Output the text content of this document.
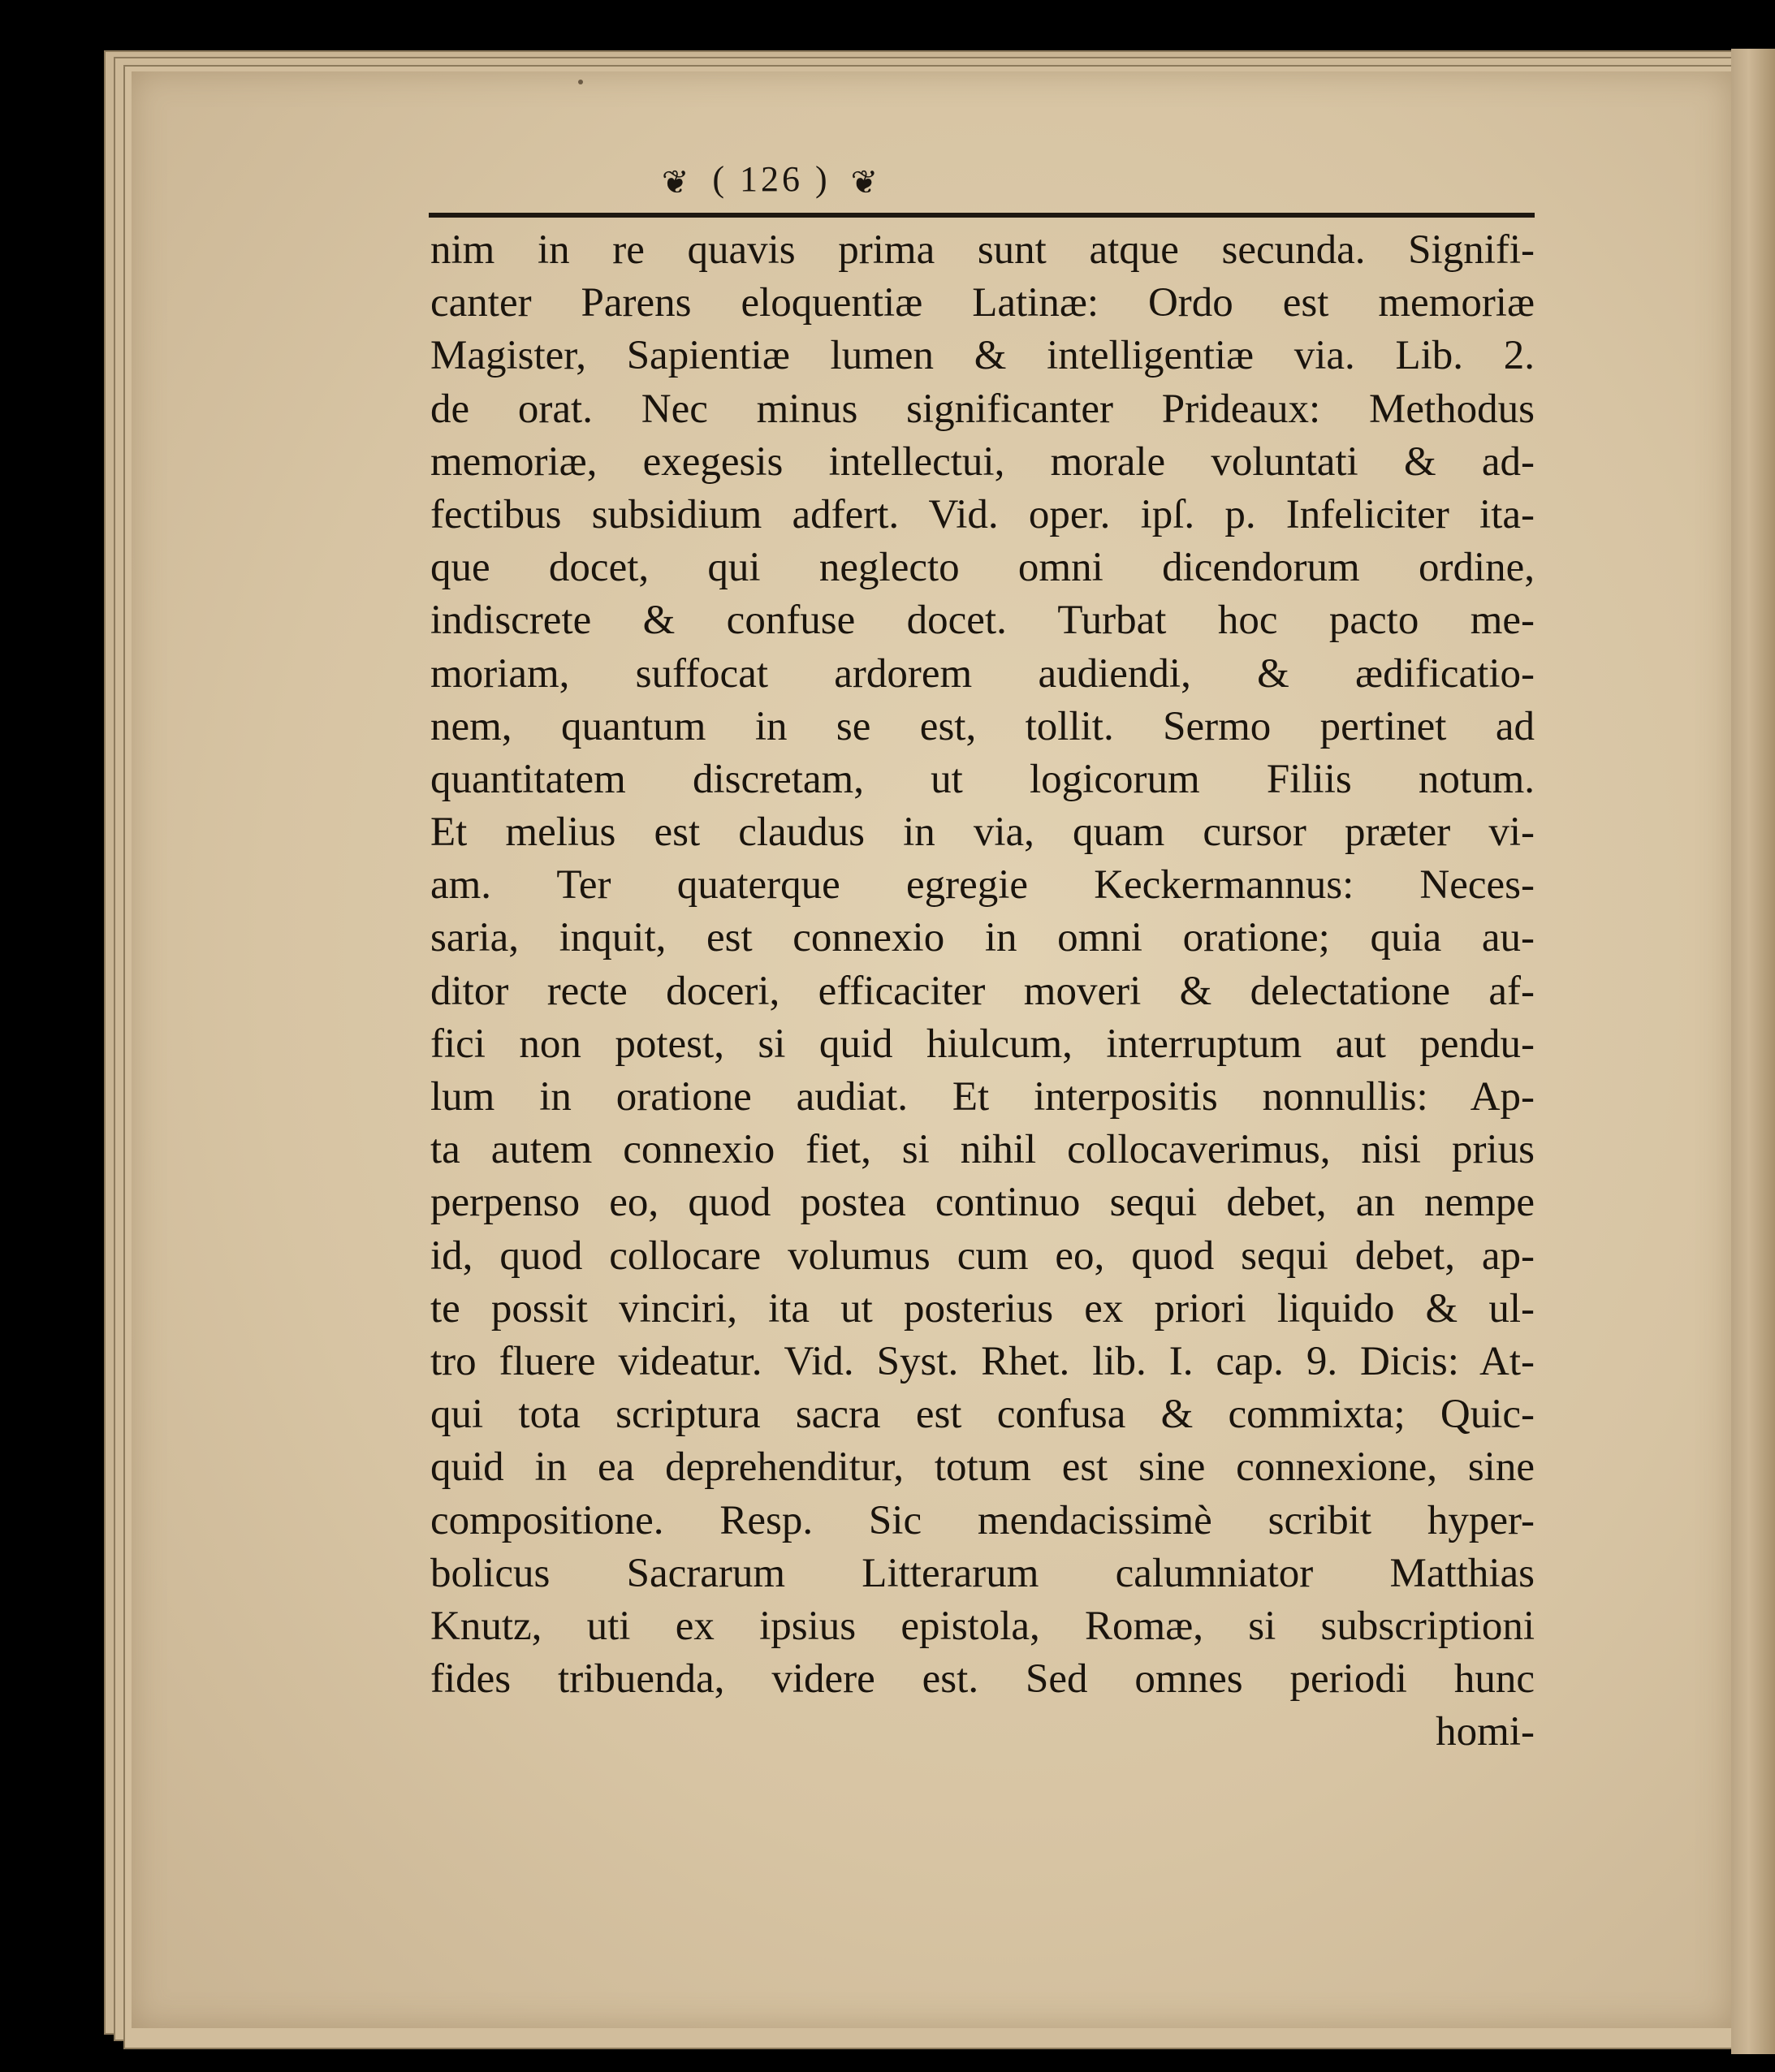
❦ ( 126 ) ❦
nim in re quavis prima sunt atque secunda. Signifi-
canter Parens eloquentiæ Latinæ: Ordo est memoriæ
Magister, Sapientiæ lumen & intelligentiæ via. Lib. 2.
de orat. Nec minus significanter Prideaux: Methodus
memoriæ, exegesis intellectui, morale voluntati & ad-
fectibus subsidium adfert. Vid. oper. ipſ. p. Infeliciter ita-
que docet, qui neglecto omni dicendorum ordine,
indiscrete & confuse docet. Turbat hoc pacto me-
moriam, suffocat ardorem audiendi, & ædificatio-
nem, quantum in se est, tollit. Sermo pertinet ad
quantitatem discretam, ut logicorum Filiis notum.
Et melius est claudus in via, quam cursor præter vi-
am. Ter quaterque egregie Keckermannus: Neces-
saria, inquit, est connexio in omni oratione; quia au-
ditor recte doceri, efficaciter moveri & delectatione af-
fici non potest, si quid hiulcum, interruptum aut pendu-
lum in oratione audiat. Et interpositis nonnullis: Ap-
ta autem connexio fiet, si nihil collocaverimus, nisi prius
perpenso eo, quod postea continuo sequi debet, an nempe
id, quod collocare volumus cum eo, quod sequi debet, ap-
te possit vinciri, ita ut posterius ex priori liquido & ul-
tro fluere videatur. Vid. Syst. Rhet. lib. I. cap. 9. Dicis: At-
qui tota scriptura sacra est confusa & commixta; Quic-
quid in ea deprehenditur, totum est sine connexione, sine
compositione. Resp. Sic mendacissimè scribit hyper-
bolicus Sacrarum Litterarum calumniator Matthias
Knutz, uti ex ipsius epistola, Romæ, si subscriptioni
fides tribuenda, videre est. Sed omnes periodi hunc
homi-
